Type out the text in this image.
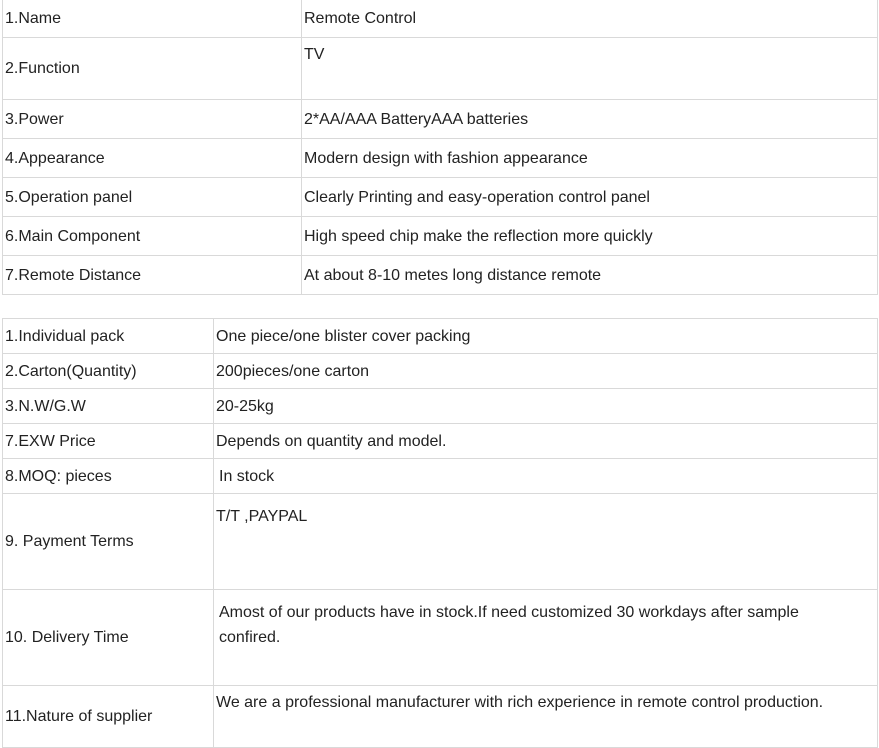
1.Name	Remote Control
2.Function	TV
3.Power	2*AA/AAA BatteryAAA batteries
4.Appearance	Modern design with fashion appearance
5.Operation panel	Clearly Printing and easy-operation control panel
6.Main Component	High speed chip make the reflection more quickly
7.Remote Distance	At about 8-10 metes long distance remote
1.Individual pack	One piece/one blister cover packing
2.Carton(Quantity)	200pieces/one carton
3.N.W/G.W	20-25kg
7.EXW Price	Depends on quantity and model.
8.MOQ: pieces	In stock
9. Payment Terms	T/T ,PAYPAL
10. Delivery Time	Amost of our products have in stock.If need customized 30 workdays after sample confired.
11.Nature of supplier	We are a professional manufacturer with rich experience in remote control production.
